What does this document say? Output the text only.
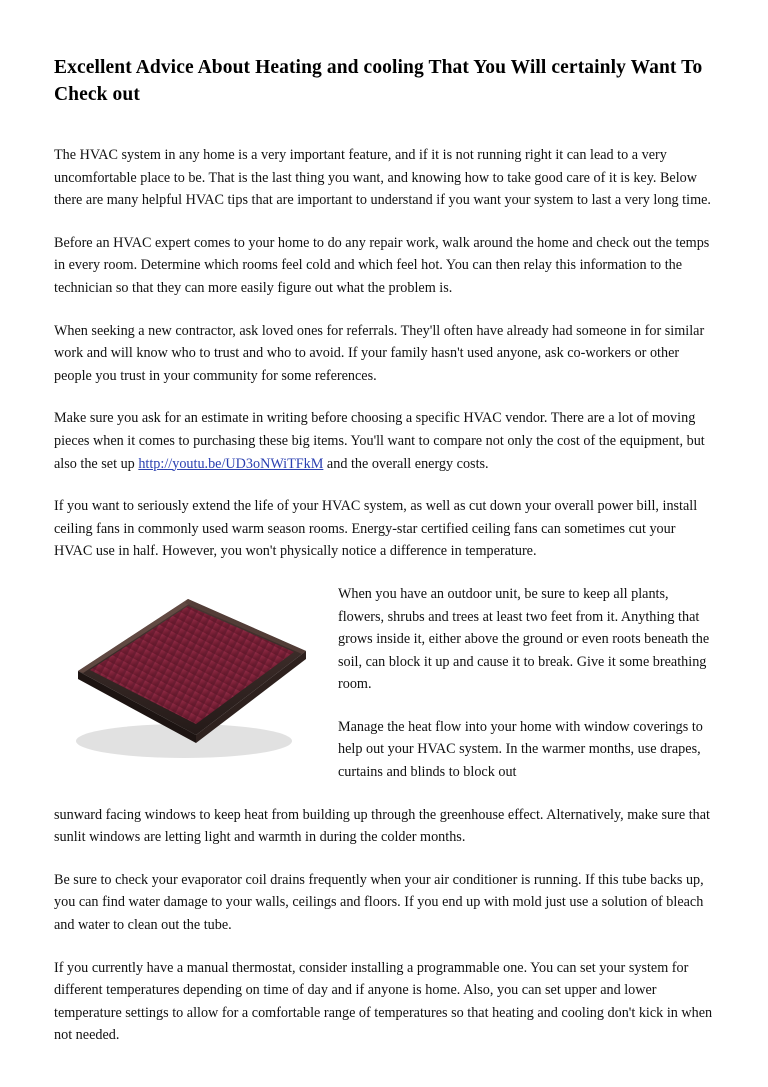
Excellent Advice About Heating and cooling That You Will certainly Want To Check out

The HVAC system in any home is a very important feature, and if it is not running right it can lead to a very uncomfortable place to be. That is the last thing you want, and knowing how to take good care of it is key. Below there are many helpful HVAC tips that are important to understand if you want your system to last a very long time.

Before an HVAC expert comes to your home to do any repair work, walk around the home and check out the temps in every room. Determine which rooms feel cold and which feel hot. You can then relay this information to the technician so that they can more easily figure out what the problem is.

When seeking a new contractor, ask loved ones for referrals. They'll often have already had someone in for similar work and will know who to trust and who to avoid. If your family hasn't used anyone, ask co-workers or other people you trust in your community for some references.

Make sure you ask for an estimate in writing before choosing a specific HVAC vendor. There are a lot of moving pieces when it comes to purchasing these big items. You'll want to compare not only the cost of the equipment, but also the set up http://youtu.be/UD3oNWiTFkM and the overall energy costs.

If you want to seriously extend the life of your HVAC system, as well as cut down your overall power bill, install ceiling fans in commonly used warm season rooms. Energy-star certified ceiling fans can sometimes cut your HVAC use in half. However, you won't physically notice a difference in temperature.

When you have an outdoor unit, be sure to keep all plants, flowers, shrubs and trees at least two feet from it. Anything that grows inside it, either above the ground or even roots beneath the soil, can block it up and cause it to break. Give it some breathing room.

Manage the heat flow into your home with window coverings to help out your HVAC system. In the warmer months, use drapes, curtains and blinds to block out

sunward facing windows to keep heat from building up through the greenhouse effect. Alternatively, make sure that sunlit windows are letting light and warmth in during the colder months.

Be sure to check your evaporator coil drains frequently when your air conditioner is running. If this tube backs up, you can find water damage to your walls, ceilings and floors. If you end up with mold just use a solution of bleach and water to clean out the tube.

If you currently have a manual thermostat, consider installing a programmable one. You can set your system for different temperatures depending on time of day and if anyone is home. Also, you can set upper and lower temperature settings to allow for a comfortable range of temperatures so that heating and cooling don't kick in when not needed.
